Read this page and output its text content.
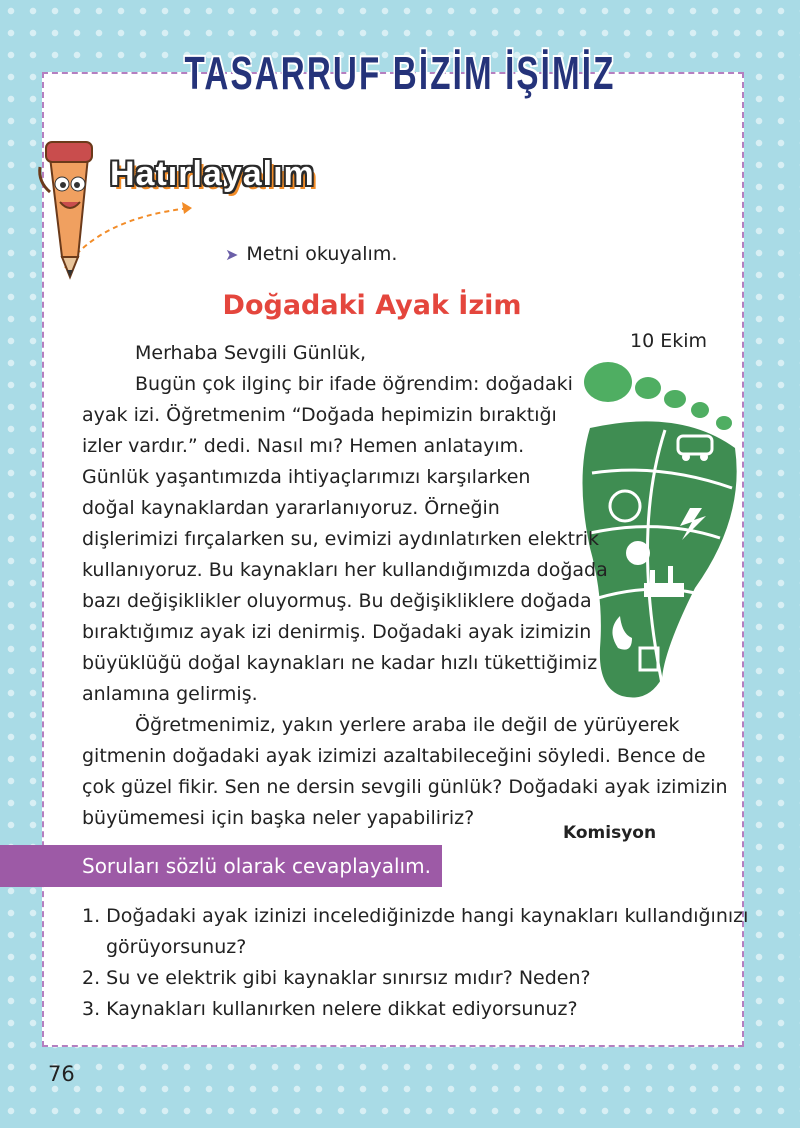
TASARRUF BİZİM İŞİMİZ
Hatırlayalım
➤ Metni okuyalım.
Doğadaki Ayak İzim
10 Ekim
Merhaba Sevgili Günlük,
Bugün çok ilginç bir ifade öğrendim: doğadaki
ayak izi. Öğretmenim “Doğada hepimizin bıraktığı
izler vardır.” dedi. Nasıl mı? Hemen anlatayım.
Günlük yaşantımızda ihtiyaçlarımızı karşılarken
doğal kaynaklardan yararlanıyoruz. Örneğin
dişlerimizi fırçalarken su, evimizi aydınlatırken elektrik
kullanıyoruz. Bu kaynakları her kullandığımızda doğada
bazı değişiklikler oluyormuş. Bu değişikliklere doğada
bıraktığımız ayak izi denirmiş. Doğadaki ayak izimizin
büyüklüğü doğal kaynakları ne kadar hızlı tükettiğimiz
anlamına gelirmiş.
Öğretmenimiz, yakın yerlere araba ile değil de yürüyerek
gitmenin doğadaki ayak izimizi azaltabileceğini söyledi. Bence de
çok güzel fikir. Sen ne dersin sevgili günlük? Doğadaki ayak izimizin
büyümemesi için başka neler yapabiliriz?
Komisyon
Soruları sözlü olarak cevaplayalım.
1. Doğadaki ayak izinizi incelediğinizde hangi kaynakları kullandığınızı
görüyorsunuz?
2. Su ve elektrik gibi kaynaklar sınırsız mıdır? Neden?
3. Kaynakları kullanırken nelere dikkat ediyorsunuz?
76
